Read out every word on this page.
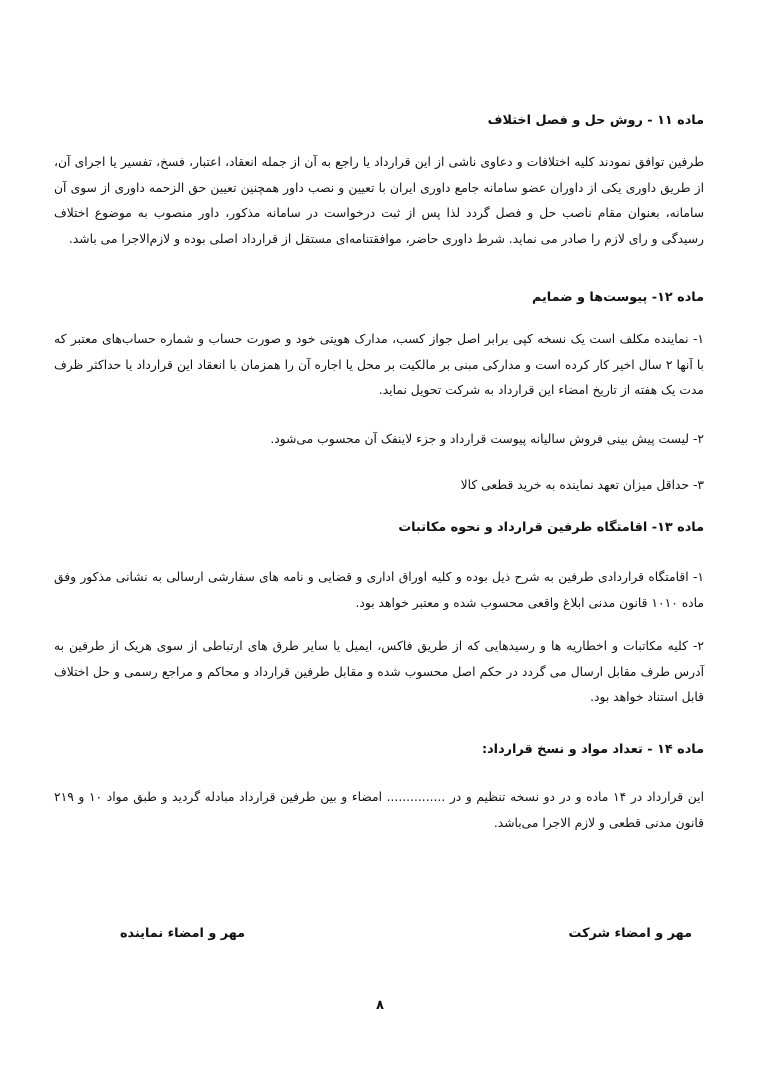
ماده ۱۱ - روش حل و فصل اختلاف

طرفین توافق نمودند کلیه اختلافات و دعاوی ناشی از این قرارداد یا راجع به آن از جمله انعقاد، اعتبار، فسخ، تفسیر یا اجرای آن، از طریق داوری یکی از داوران عضو سامانه جامع داوری ایران با تعیین و نصب داور همچنین تعیین حق الزحمه داوری از سوی آن سامانه، بعنوان مقام ناصب حل و فصل گردد لذا پس از ثبت درخواست در سامانه مذکور، داور منصوب به موضوع اختلاف رسیدگی و رای لازم را صادر می نماید. شرط داوری حاضر، موافقتنامه‌ای مستقل از قرارداد اصلی بوده و لازم‌الاجرا می باشد.

ماده ۱۲- پیوست‌ها و ضمایم

۱- نماینده مکلف است یک نسخه کپی برابر اصل جواز کسب، مدارک هویتی خود و صورت حساب و شماره حساب‌های معتبر که با آنها ۲ سال اخیر کار کرده است و مدارکی مبنی بر مالکیت بر محل یا اجاره آن را همزمان با انعقاد این قرارداد یا حداکثر ظرف مدت یک هفته از تاریخ امضاء این قرارداد به شرکت تحویل نماید.

۲- لیست پیش بینی فروش سالیانه پیوست قرارداد و جزء لاینفک آن محسوب می‌شود.

۳- حداقل میزان تعهد نماینده به خرید قطعی کالا

ماده ۱۳- اقامتگاه طرفین قرارداد و نحوه مکاتبات

۱- اقامتگاه قراردادی طرفین به شرح ذیل بوده و کلیه اوراق اداری و قضایی و نامه های سفارشی ارسالی به نشانی مذکور وفق ماده ۱۰۱۰ قانون مدنی ابلاغ واقعی محسوب شده و معتبر خواهد بود.

۲- کلیه مکاتبات و اخطاریه ها و رسیدهایی که از طریق فاکس، ایمیل یا سایر طرق های ارتباطی از سوی هریک از طرفین به آدرس طرف مقابل ارسال می گردد در حکم اصل محسوب شده و مقابل طرفین قرارداد و محاکم و مراجع رسمی و حل اختلاف قابل استناد خواهد بود.

ماده ۱۴ - تعداد مواد و نسخ قرارداد:

این قرارداد در ۱۴ ماده و در دو نسخه تنظیم و در ............... امضاء و بین طرفین قرارداد مبادله گردید و طبق مواد ۱۰ و ۲۱۹ قانون مدنی قطعی و لازم الاجرا می‌باشد.

مهر و امضاء شرکت
مهر و امضاء نماینده
۸
